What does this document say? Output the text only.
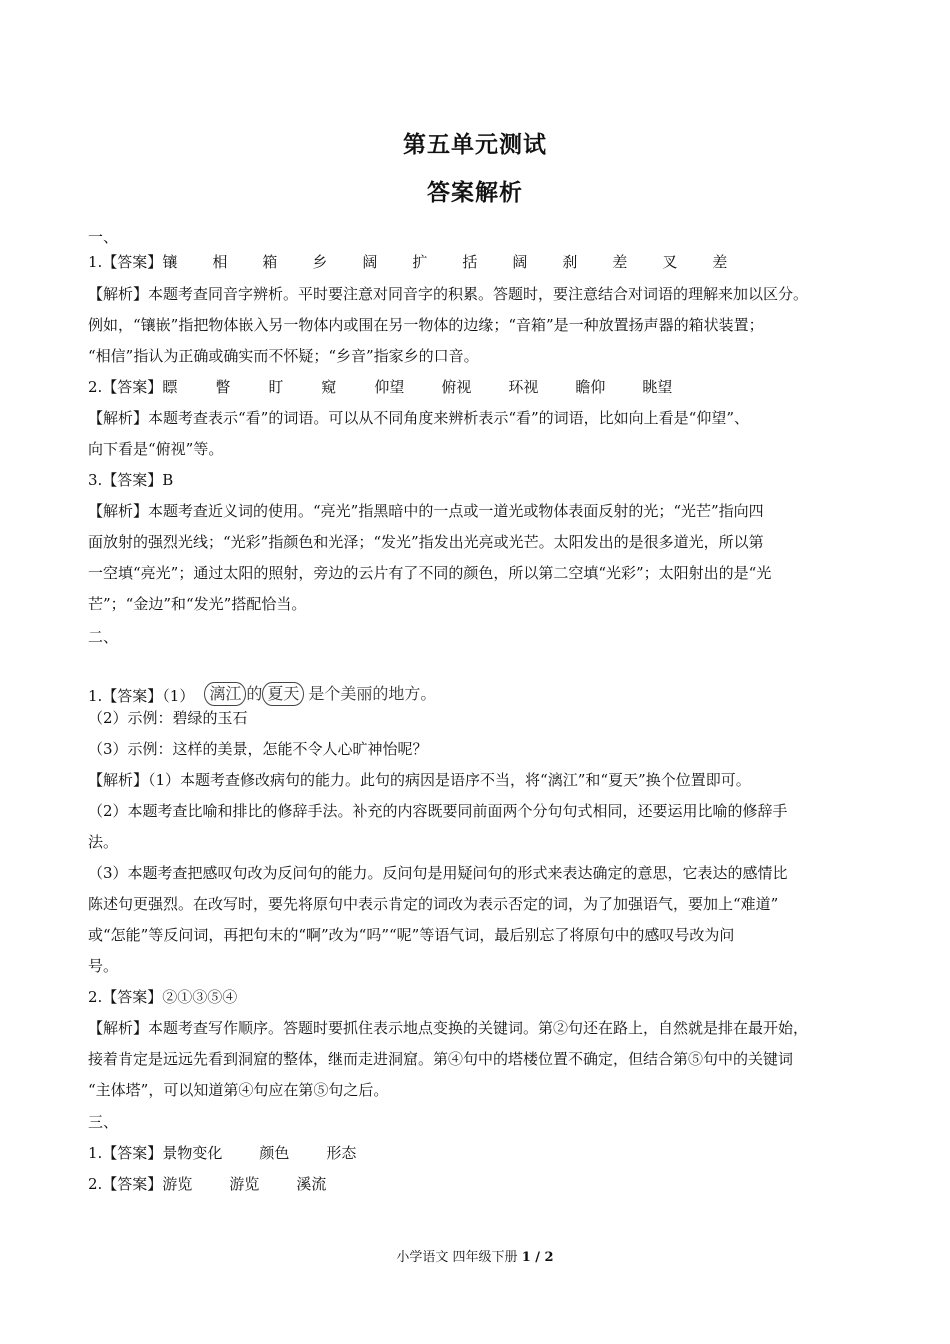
第五单元测试
答案解析
一、
1.【答案】 镶	相	箱	乡	阔	扩	括	阔	刹	差	叉	差
【解析】本题考查同音字辨析。平时要注意对同音字的积累。答题时，要注意结合对词语的理解来加以区分。
例如，“镶嵌”指把物体嵌入另一物体内或围在另一物体的边缘；“音箱”是一种放置扬声器的箱状装置；
“相信”指认为正确或确实而不怀疑；“乡音”指家乡的口音。
2.【答案】 瞟	瞥	盯	窥	仰望	俯视	环视	瞻仰	眺望
【解析】本题考查表示“看”的词语。可以从不同角度来辨析表示“看”的词语，比如向上看是“仰望”、
向下看是“俯视”等。
3.【答案】B
【解析】本题考查近义词的使用。“亮光”指黑暗中的一点或一道光或物体表面反射的光；“光芒”指向四
面放射的强烈光线；“光彩”指颜色和光泽；“发光”指发出光亮或光芒。太阳发出的是很多道光，所以第
一空填“亮光”；通过太阳的照射，旁边的云片有了不同的颜色，所以第二空填“光彩”；太阳射出的是“光
芒”；“金边”和“发光”搭配恰当。
二、
1.【答案】（1） 漓江 的 夏天 是个美丽的地方。
（2）示例：碧绿的玉石
（3）示例：这样的美景，怎能不令人心旷神怡呢？
【解析】（1）本题考查修改病句的能力。此句的病因是语序不当，将“漓江”和“夏天”换个位置即可。
（2）本题考查比喻和排比的修辞手法。补充的内容既要同前面两个分句句式相同，还要运用比喻的修辞手
法。
（3）本题考查把感叹句改为反问句的能力。反问句是用疑问句的形式来表达确定的意思，它表达的感情比
陈述句更强烈。在改写时，要先将原句中表示肯定的词改为表示否定的词，为了加强语气，要加上“难道”
或“怎能”等反问词，再把句末的“啊”改为“吗”“呢”等语气词，最后别忘了将原句中的感叹号改为问
号。
2.【答案】②①③⑤④
【解析】本题考查写作顺序。答题时要抓住表示地点变换的关键词。第②句还在路上，自然就是排在最开始，
接着肯定是远远先看到洞窟的整体，继而走进洞窟。第④句中的塔楼位置不确定，但结合第⑤句中的关键词
“主体塔”，可以知道第④句应在第⑤句之后。
三、
1.【答案】 景物变化	颜色	形态
2.【答案】 游览	游览	溪流
小学语文 四年级下册 1 / 2
